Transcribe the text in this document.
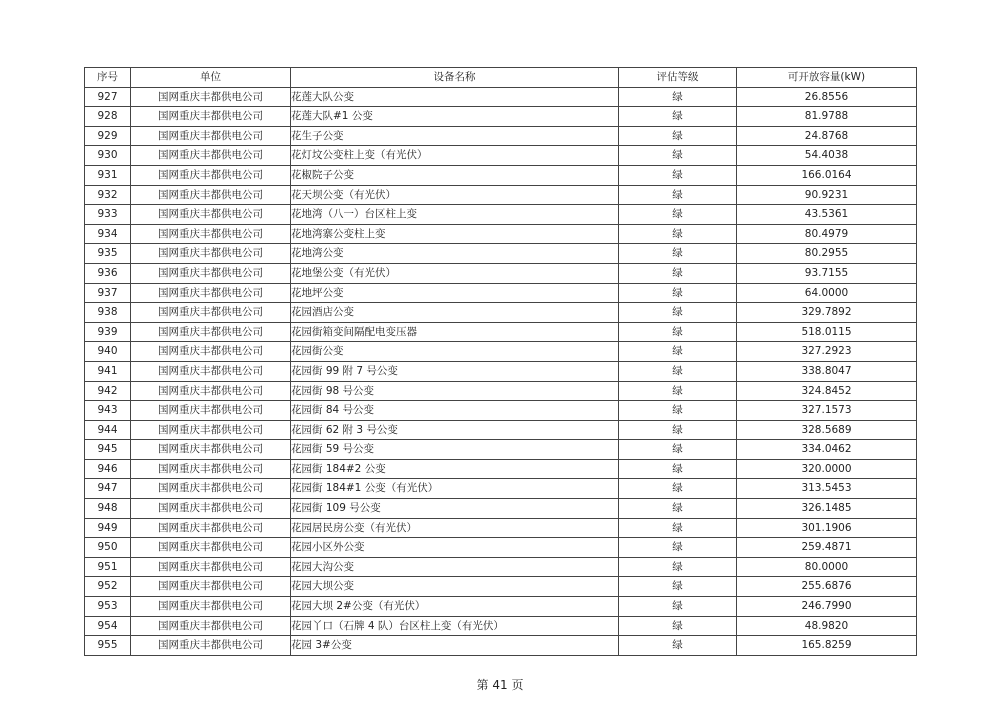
序号	单位	设备名称	评估等级	可开放容量(kW)
927	国网重庆丰都供电公司	花莲大队公变	绿	26.8556
928	国网重庆丰都供电公司	花莲大队#1 公变	绿	81.9788
929	国网重庆丰都供电公司	花生子公变	绿	24.8768
930	国网重庆丰都供电公司	花灯坟公变柱上变（有光伏）	绿	54.4038
931	国网重庆丰都供电公司	花椒院子公变	绿	166.0164
932	国网重庆丰都供电公司	花天坝公变（有光伏）	绿	90.9231
933	国网重庆丰都供电公司	花地湾（八一）台区柱上变	绿	43.5361
934	国网重庆丰都供电公司	花地湾寨公变柱上变	绿	80.4979
935	国网重庆丰都供电公司	花地湾公变	绿	80.2955
936	国网重庆丰都供电公司	花地堡公变（有光伏）	绿	93.7155
937	国网重庆丰都供电公司	花地坪公变	绿	64.0000
938	国网重庆丰都供电公司	花园酒店公变	绿	329.7892
939	国网重庆丰都供电公司	花园街箱变间隔配电变压器	绿	518.0115
940	国网重庆丰都供电公司	花园街公变	绿	327.2923
941	国网重庆丰都供电公司	花园街 99 附 7 号公变	绿	338.8047
942	国网重庆丰都供电公司	花园街 98 号公变	绿	324.8452
943	国网重庆丰都供电公司	花园街 84 号公变	绿	327.1573
944	国网重庆丰都供电公司	花园街 62 附 3 号公变	绿	328.5689
945	国网重庆丰都供电公司	花园街 59 号公变	绿	334.0462
946	国网重庆丰都供电公司	花园街 184#2 公变	绿	320.0000
947	国网重庆丰都供电公司	花园街 184#1 公变（有光伏）	绿	313.5453
948	国网重庆丰都供电公司	花园街 109 号公变	绿	326.1485
949	国网重庆丰都供电公司	花园居民房公变（有光伏）	绿	301.1906
950	国网重庆丰都供电公司	花园小区外公变	绿	259.4871
951	国网重庆丰都供电公司	花园大沟公变	绿	80.0000
952	国网重庆丰都供电公司	花园大坝公变	绿	255.6876
953	国网重庆丰都供电公司	花园大坝 2#公变（有光伏）	绿	246.7990
954	国网重庆丰都供电公司	花园丫口（石牌 4 队）台区柱上变（有光伏）	绿	48.9820
955	国网重庆丰都供电公司	花园 3#公变	绿	165.8259
第 41 页
